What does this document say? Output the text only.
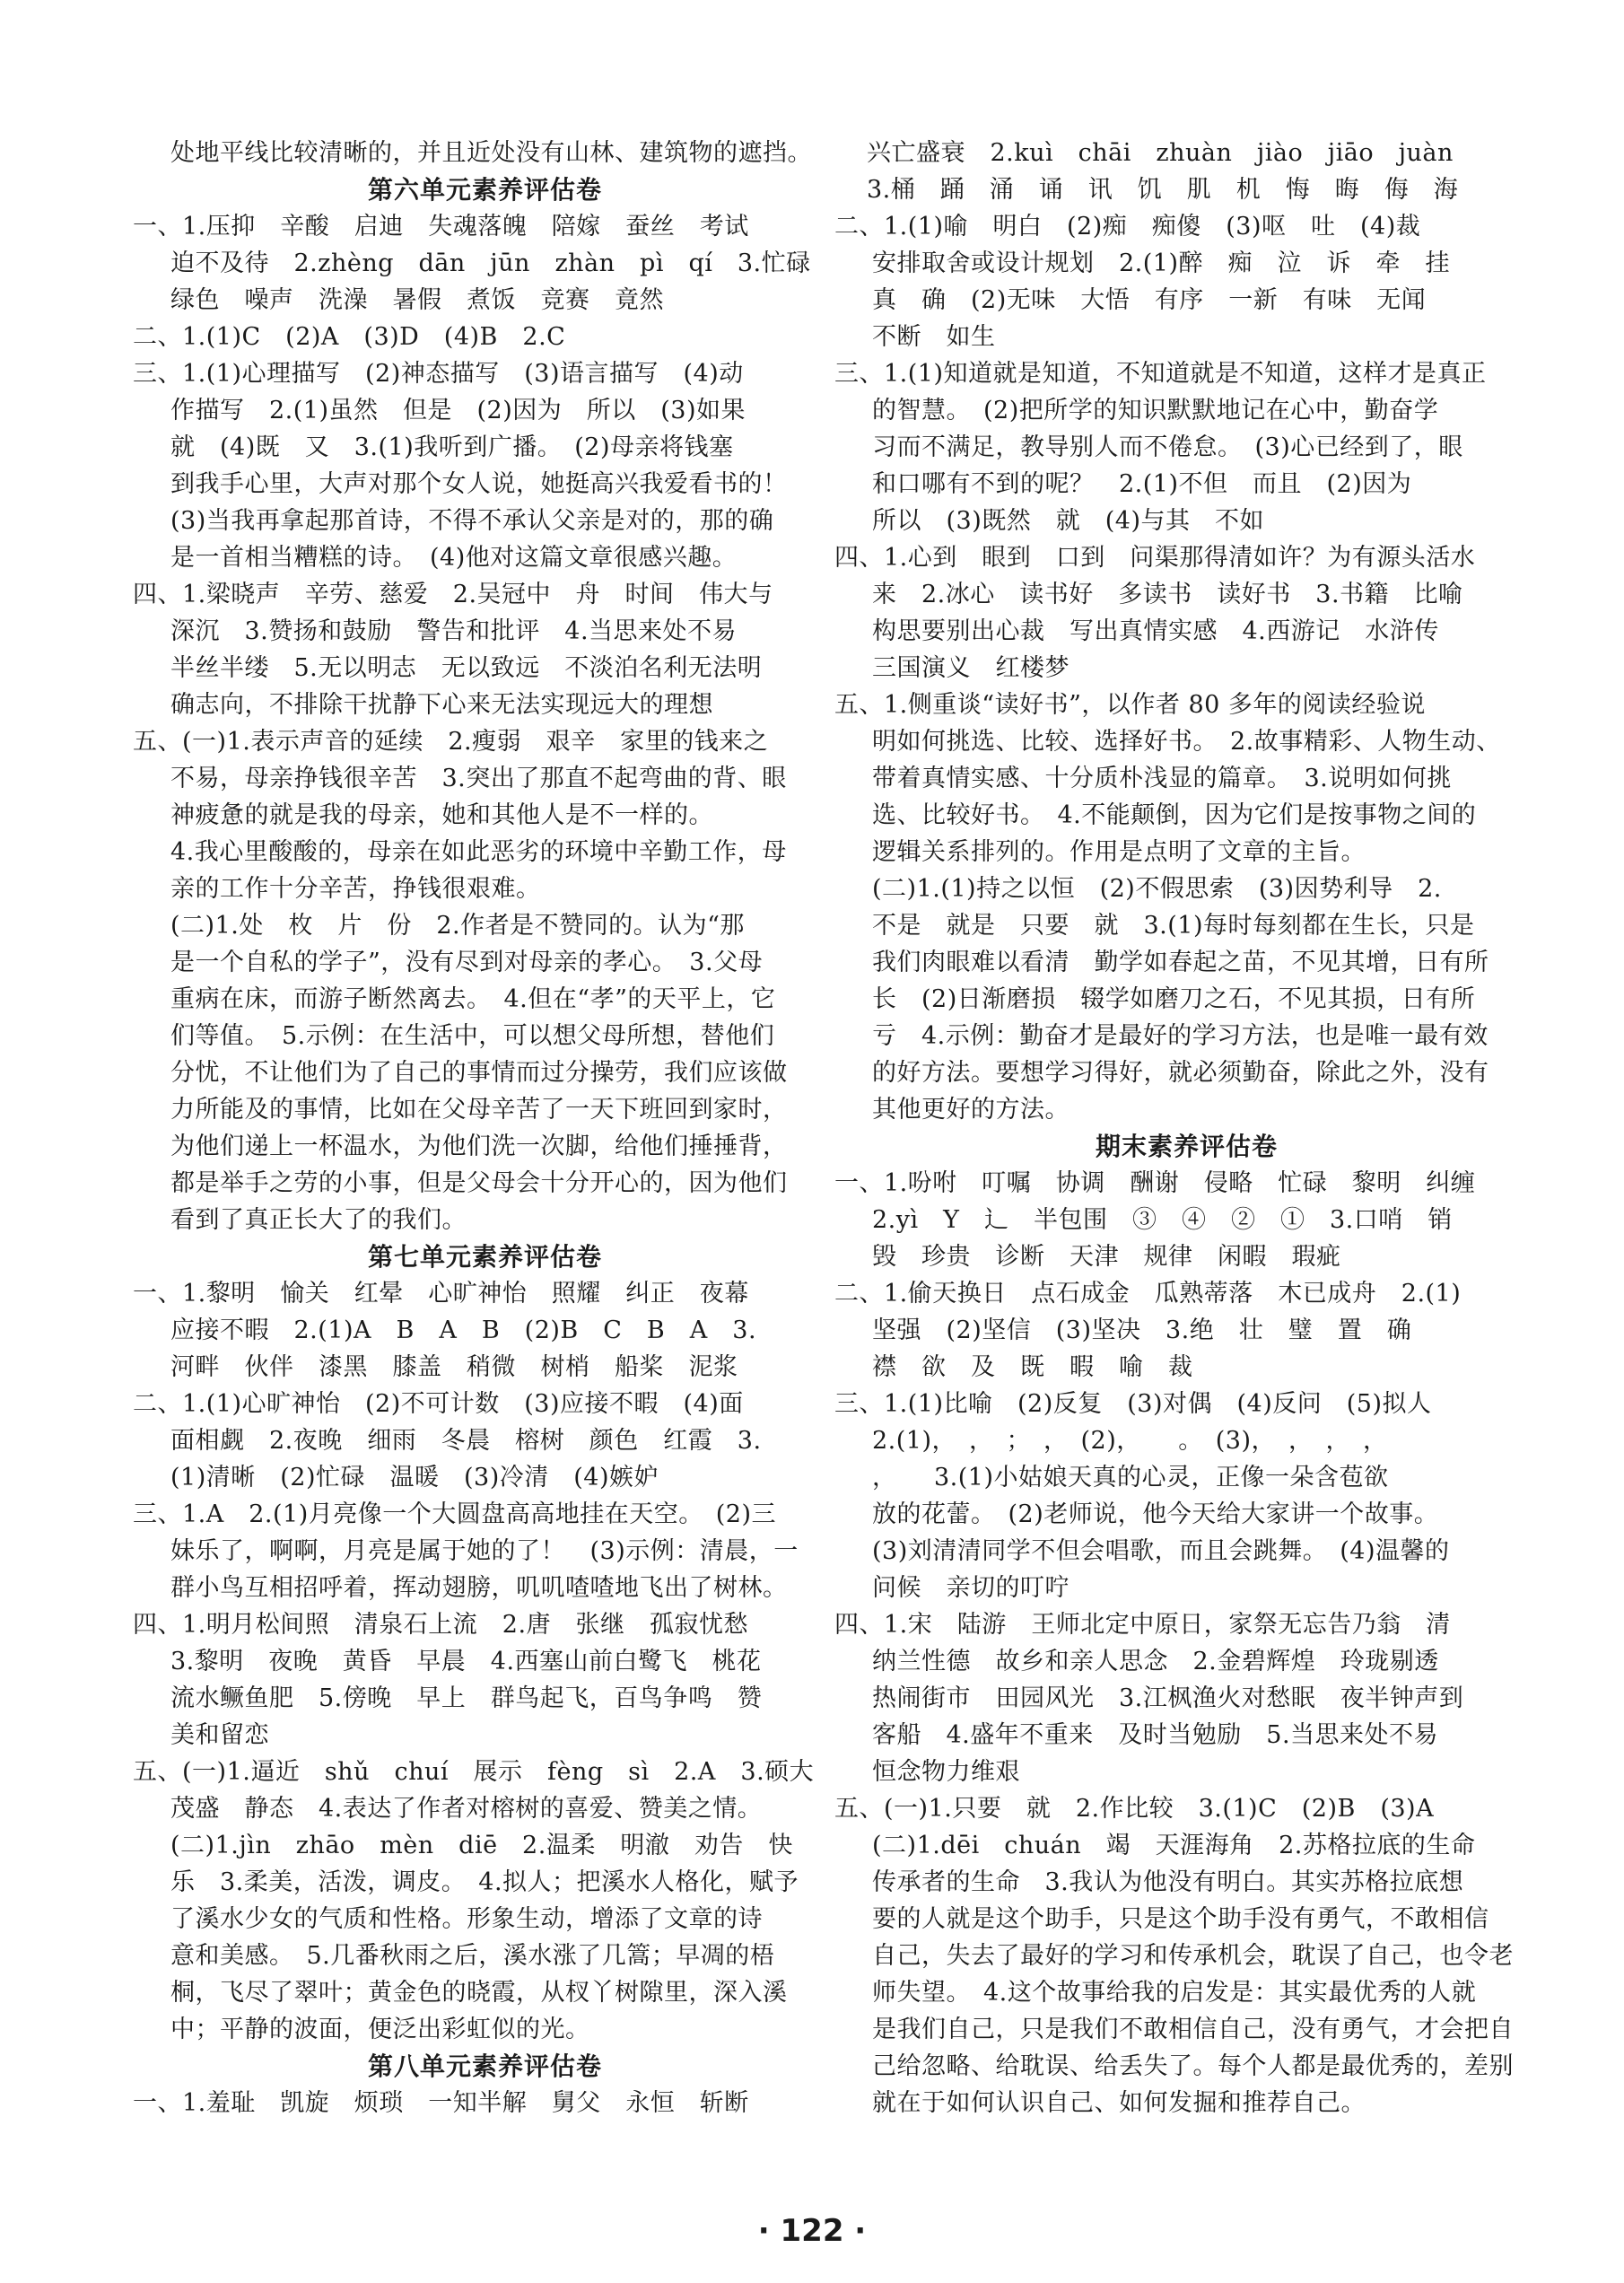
处地平线比较清晰的，并且近处没有山林、建筑物的遮挡。
第六单元素养评估卷
一、1.压抑　辛酸　启迪　失魂落魄　陪嫁　蚕丝　考试
迫不及待　2.zhèng　dān　jūn　zhàn　pì　qí　3.忙碌
绿色　噪声　洗澡　暑假　煮饭　竞赛　竟然
二、1.(1)C　(2)A　(3)D　(4)B　2.C
三、1.(1)心理描写　(2)神态描写　(3)语言描写　(4)动
作描写　2.(1)虽然　但是　(2)因为　所以　(3)如果
就　(4)既　又　3.(1)我听到广播。　(2)母亲将钱塞
到我手心里，大声对那个女人说，她挺高兴我爱看书的！
(3)当我再拿起那首诗，不得不承认父亲是对的，那的确
是一首相当糟糕的诗。　(4)他对这篇文章很感兴趣。
四、1.梁晓声　辛劳、慈爱　2.吴冠中　舟　时间　伟大与
深沉　3.赞扬和鼓励　警告和批评　4.当思来处不易
半丝半缕　5.无以明志　无以致远　不淡泊名利无法明
确志向，不排除干扰静下心来无法实现远大的理想
五、(一)1.表示声音的延续　2.瘦弱　艰辛　家里的钱来之
不易，母亲挣钱很辛苦　3.突出了那直不起弯曲的背、眼
神疲惫的就是我的母亲，她和其他人是不一样的。
4.我心里酸酸的，母亲在如此恶劣的环境中辛勤工作，母
亲的工作十分辛苦，挣钱很艰难。
(二)1.处　枚　片　份　2.作者是不赞同的。认为“那
是一个自私的学子”，没有尽到对母亲的孝心。　3.父母
重病在床，而游子断然离去。　4.但在“孝”的天平上，它
们等值。　5.示例：在生活中，可以想父母所想，替他们
分忧，不让他们为了自己的事情而过分操劳，我们应该做
力所能及的事情，比如在父母辛苦了一天下班回到家时，
为他们递上一杯温水，为他们洗一次脚，给他们捶捶背，
都是举手之劳的小事，但是父母会十分开心的，因为他们
看到了真正长大了的我们。
第七单元素养评估卷
一、1.黎明　愉关　红晕　心旷神怡　照耀　纠正　夜幕
应接不暇　2.(1)A　B　A　B　(2)B　C　B　A　3.
河畔　伙伴　漆黑　膝盖　稍微　树梢　船桨　泥浆
二、1.(1)心旷神怡　(2)不可计数　(3)应接不暇　(4)面
面相觑　2.夜晚　细雨　冬晨　榕树　颜色　红霞　3.
(1)清晰　(2)忙碌　温暖　(3)冷清　(4)嫉妒
三、1.A　2.(1)月亮像一个大圆盘高高地挂在天空。　(2)三
妹乐了，啊啊，月亮是属于她的了！　(3)示例：清晨，一
群小鸟互相招呼着，挥动翅膀，叽叽喳喳地飞出了树林。
四、1.明月松间照　清泉石上流　2.唐　张继　孤寂忧愁
3.黎明　夜晚　黄昏　早晨　4.西塞山前白鹭飞　桃花
流水鳜鱼肥　5.傍晚　早上　群鸟起飞，百鸟争鸣　赞
美和留恋
五、(一)1.逼近　shǔ　chuí　展示　fèng　sì　2.A　3.硕大
茂盛　静态　4.表达了作者对榕树的喜爱、赞美之情。
(二)1.jìn　zhāo　mèn　diē　2.温柔　明澈　劝告　快
乐　3.柔美，活泼，调皮。　4.拟人；把溪水人格化，赋予
了溪水少女的气质和性格。形象生动，增添了文章的诗
意和美感。　5.几番秋雨之后，溪水涨了几篙；早凋的梧
桐，飞尽了翠叶；黄金色的晓霞，从杈丫树隙里，深入溪
中；平静的波面，便泛出彩虹似的光。
第八单元素养评估卷
一、1.羞耻　凯旋　烦琐　一知半解　舅父　永恒　斩断
兴亡盛衰　2.kuì　chāi　zhuàn　jiào　jiāo　juàn
3.桶　踊　涌　诵　讯　饥　肌　机　悔　晦　侮　海
二、1.(1)喻　明白　(2)痴　痴傻　(3)呕　吐　(4)裁
安排取舍或设计规划　2.(1)醉　痴　泣　诉　牵　挂
真　确　(2)无味　大悟　有序　一新　有味　无闻
不断　如生
三、1.(1)知道就是知道，不知道就是不知道，这样才是真正
的智慧。　(2)把所学的知识默默地记在心中，勤奋学
习而不满足，教导别人而不倦怠。　(3)心已经到了，眼
和口哪有不到的呢？　2.(1)不但　而且　(2)因为
所以　(3)既然　就　(4)与其　不如
四、1.心到　眼到　口到　问渠那得清如许？为有源头活水
来　2.冰心　读书好　多读书　读好书　3.书籍　比喻
构思要别出心裁　写出真情实感　4.西游记　水浒传
三国演义　红楼梦
五、1.侧重谈“读好书”，以作者 80 多年的阅读经验说
明如何挑选、比较、选择好书。　2.故事精彩、人物生动、
带着真情实感、十分质朴浅显的篇章。　3.说明如何挑
选、比较好书。　4.不能颠倒，因为它们是按事物之间的
逻辑关系排列的。作用是点明了文章的主旨。
(二)1.(1)持之以恒　(2)不假思索　(3)因势利导　2.
不是　就是　只要　就　3.(1)每时每刻都在生长，只是
我们肉眼难以看清　勤学如春起之苗，不见其增，日有所
长　(2)日渐磨损　辍学如磨刀之石，不见其损，日有所
亏　4.示例：勤奋才是最好的学习方法，也是唯一最有效
的好方法。要想学习得好，就必须勤奋，除此之外，没有
其他更好的方法。
期末素养评估卷
一、1.吩咐　叮嘱　协调　酬谢　侵略　忙碌　黎明　纠缠
2.yì　Y　辶　半包围　③　④　②　①　3.口哨　销
毁　珍贵　诊断　天津　规律　闲暇　瑕疵
二、1.偷天换日　点石成金　瓜熟蒂落　木已成舟　2.(1)
坚强　(2)坚信　(3)坚决　3.绝　壮　璧　置　确
襟　欲　及　既　暇　喻　裁
三、1.(1)比喻　(2)反复　(3)对偶　(4)反问　(5)拟人
2.(1)，　，　；　，　(2)，　　。　(3)，　，　，　，
，　　3.(1)小姑娘天真的心灵，正像一朵含苞欲
放的花蕾。　(2)老师说，他今天给大家讲一个故事。
(3)刘清清同学不但会唱歌，而且会跳舞。　(4)温馨的
问候　亲切的叮咛
四、1.宋　陆游　王师北定中原日，家祭无忘告乃翁　清
纳兰性德　故乡和亲人思念　2.金碧辉煌　玲珑剔透
热闹街市　田园风光　3.江枫渔火对愁眠　夜半钟声到
客船　4.盛年不重来　及时当勉励　5.当思来处不易
恒念物力维艰
五、(一)1.只要　就　2.作比较　3.(1)C　(2)B　(3)A
(二)1.dēi　chuán　竭　天涯海角　2.苏格拉底的生命
传承者的生命　3.我认为他没有明白。其实苏格拉底想
要的人就是这个助手，只是这个助手没有勇气，不敢相信
自己，失去了最好的学习和传承机会，耽误了自己，也令老
师失望。　4.这个故事给我的启发是：其实最优秀的人就
是我们自己，只是我们不敢相信自己，没有勇气，才会把自
己给忽略、给耽误、给丢失了。每个人都是最优秀的，差别
就在于如何认识自己、如何发掘和推荐自己。
· 122 ·
